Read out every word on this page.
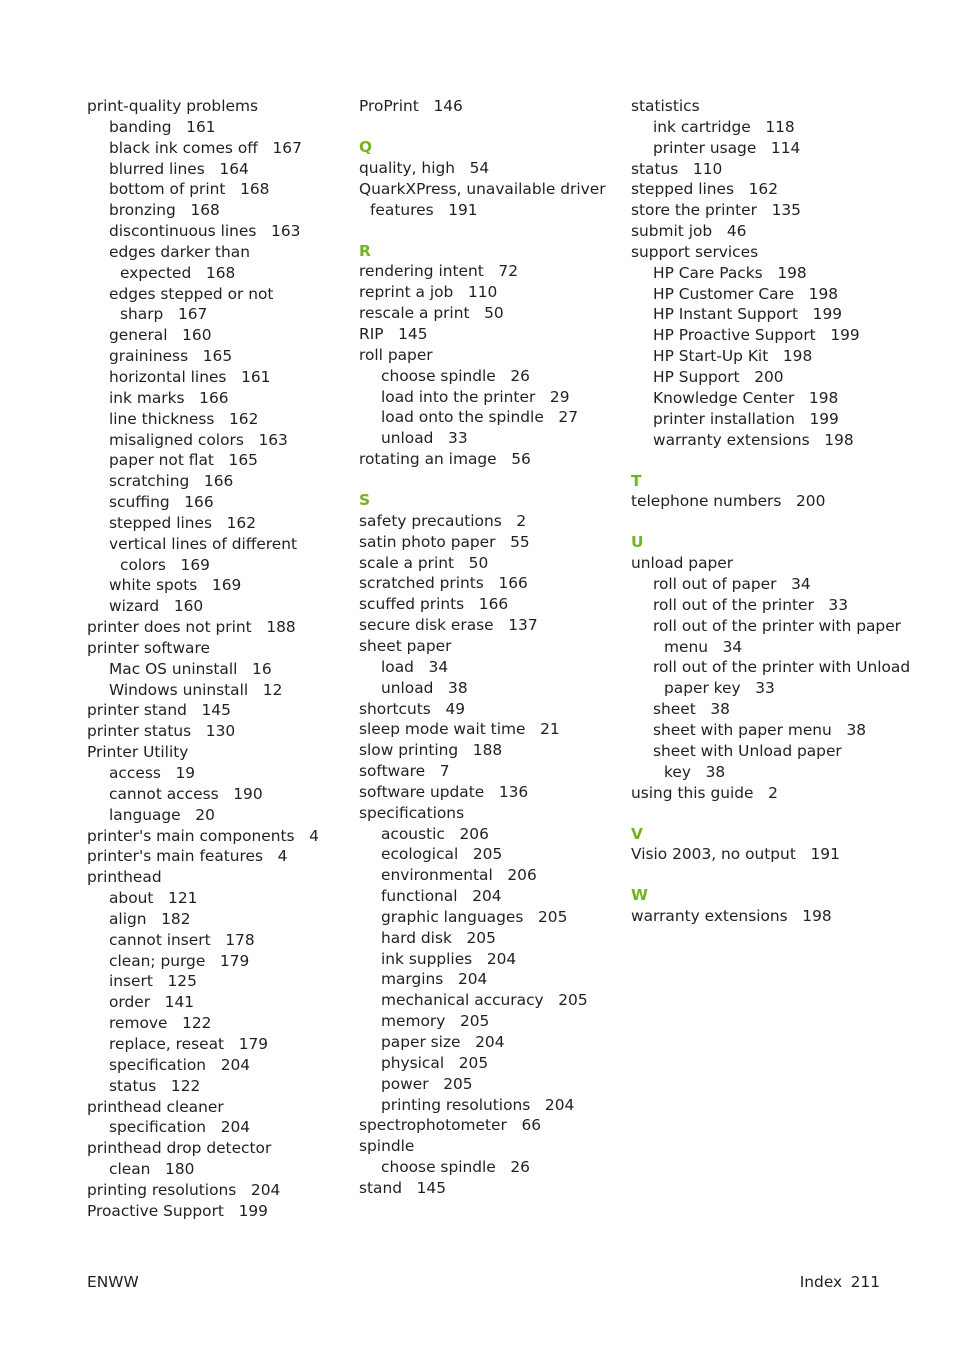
print-quality problems
banding 161
black ink comes off 167
blurred lines 164
bottom of print 168
bronzing 168
discontinuous lines 163
edges darker than
expected 168
edges stepped or not
sharp 167
general 160
graininess 165
horizontal lines 161
ink marks 166
line thickness 162
misaligned colors 163
paper not flat 165
scratching 166
scuffing 166
stepped lines 162
vertical lines of different
colors 169
white spots 169
wizard 160
printer does not print 188
printer software
Mac OS uninstall 16
Windows uninstall 12
printer stand 145
printer status 130
Printer Utility
access 19
cannot access 190
language 20
printer's main components 4
printer's main features 4
printhead
about 121
align 182
cannot insert 178
clean; purge 179
insert 125
order 141
remove 122
replace, reseat 179
specification 204
status 122
printhead cleaner
specification 204
printhead drop detector
clean 180
printing resolutions 204
Proactive Support 199
ProPrint 146
Q
quality, high 54
QuarkXPress, unavailable driver
features 191
R
rendering intent 72
reprint a job 110
rescale a print 50
RIP 145
roll paper
choose spindle 26
load into the printer 29
load onto the spindle 27
unload 33
rotating an image 56
S
safety precautions 2
satin photo paper 55
scale a print 50
scratched prints 166
scuffed prints 166
secure disk erase 137
sheet paper
load 34
unload 38
shortcuts 49
sleep mode wait time 21
slow printing 188
software 7
software update 136
specifications
acoustic 206
ecological 205
environmental 206
functional 204
graphic languages 205
hard disk 205
ink supplies 204
margins 204
mechanical accuracy 205
memory 205
paper size 204
physical 205
power 205
printing resolutions 204
spectrophotometer 66
spindle
choose spindle 26
stand 145
statistics
ink cartridge 118
printer usage 114
status 110
stepped lines 162
store the printer 135
submit job 46
support services
HP Care Packs 198
HP Customer Care 198
HP Instant Support 199
HP Proactive Support 199
HP Start-Up Kit 198
HP Support 200
Knowledge Center 198
printer installation 199
warranty extensions 198
T
telephone numbers 200
U
unload paper
roll out of paper 34
roll out of the printer 33
roll out of the printer with paper
menu 34
roll out of the printer with Unload
paper key 33
sheet 38
sheet with paper menu 38
sheet with Unload paper
key 38
using this guide 2
V
Visio 2003, no output 191
W
warranty extensions 198
ENWW	Index 211
